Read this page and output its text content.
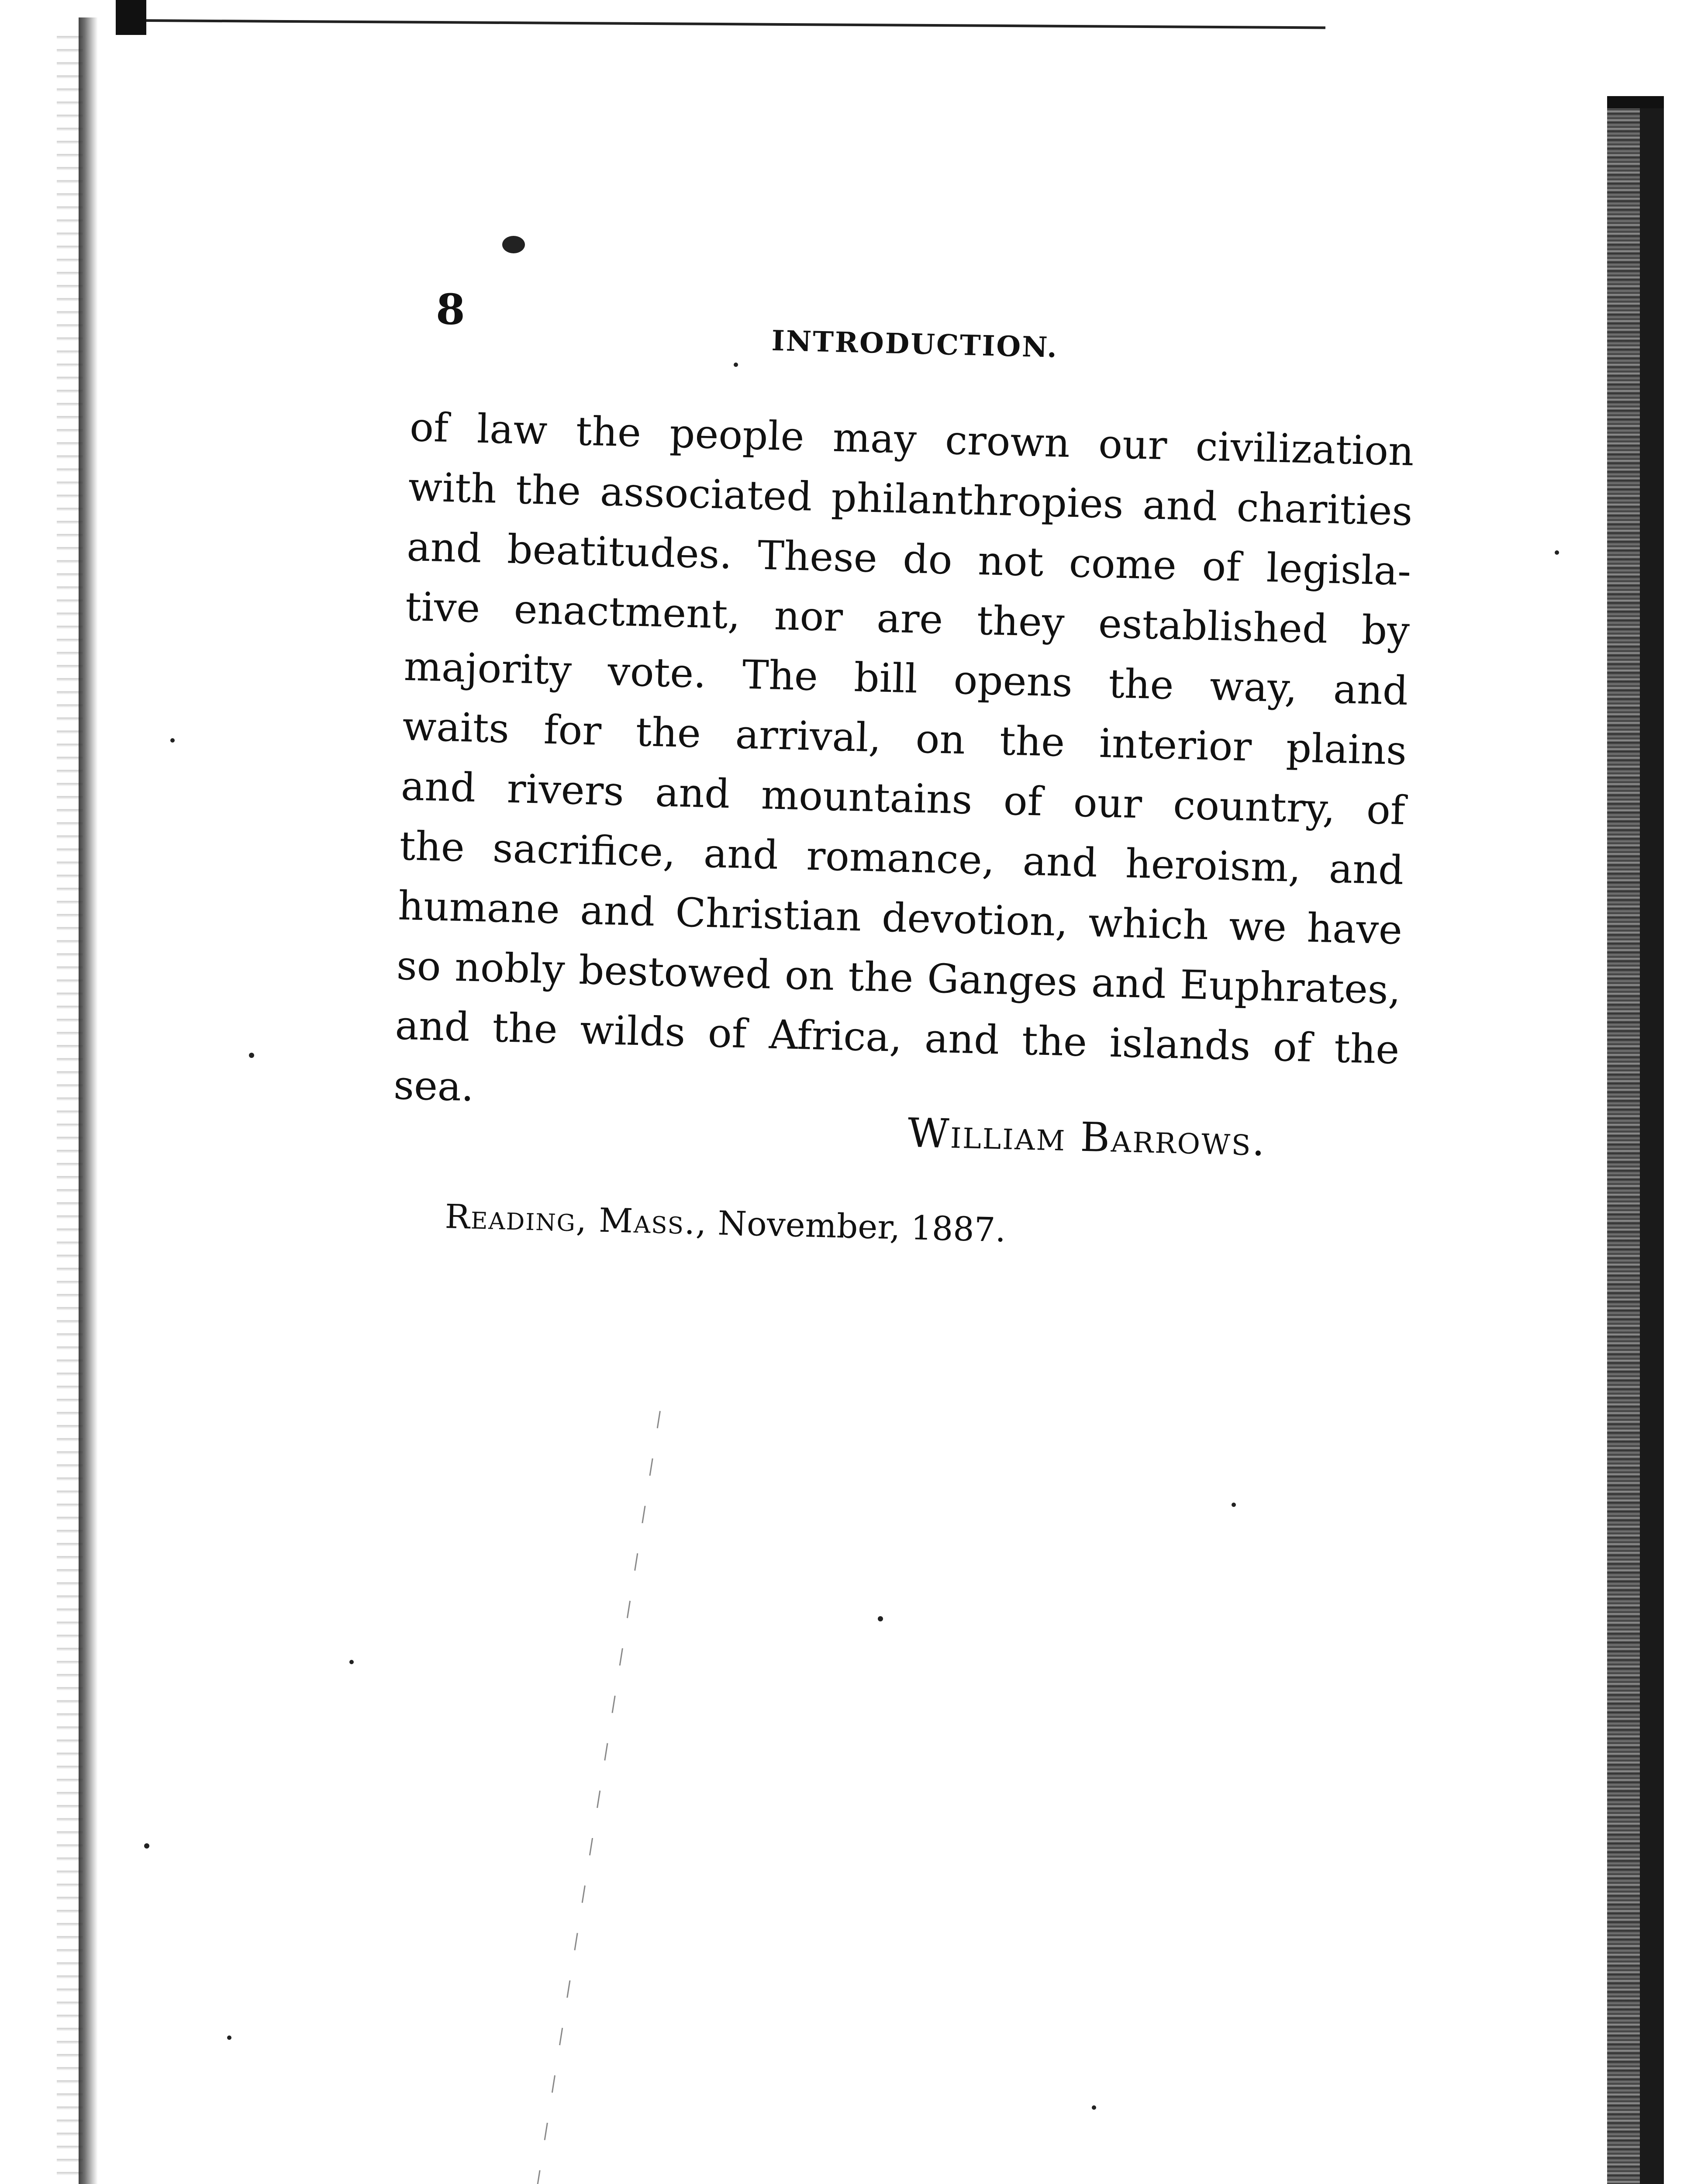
8
INTRODUCTION.
of law the people may crown our civilization
with the associated philanthropies and charities
and beatitudes. These do not come of legisla-
tive enactment, nor are they established by
majority vote. The bill opens the way, and
waits for the arrival, on the interior plains
and rivers and mountains of our country, of
the sacrifice, and romance, and heroism, and
humane and Christian devotion, which we have
so nobly bestowed on the Ganges and Euphrates,
and the wilds of Africa, and the islands of the
sea.
William Barrows.
Reading, Mass., November, 1887.
